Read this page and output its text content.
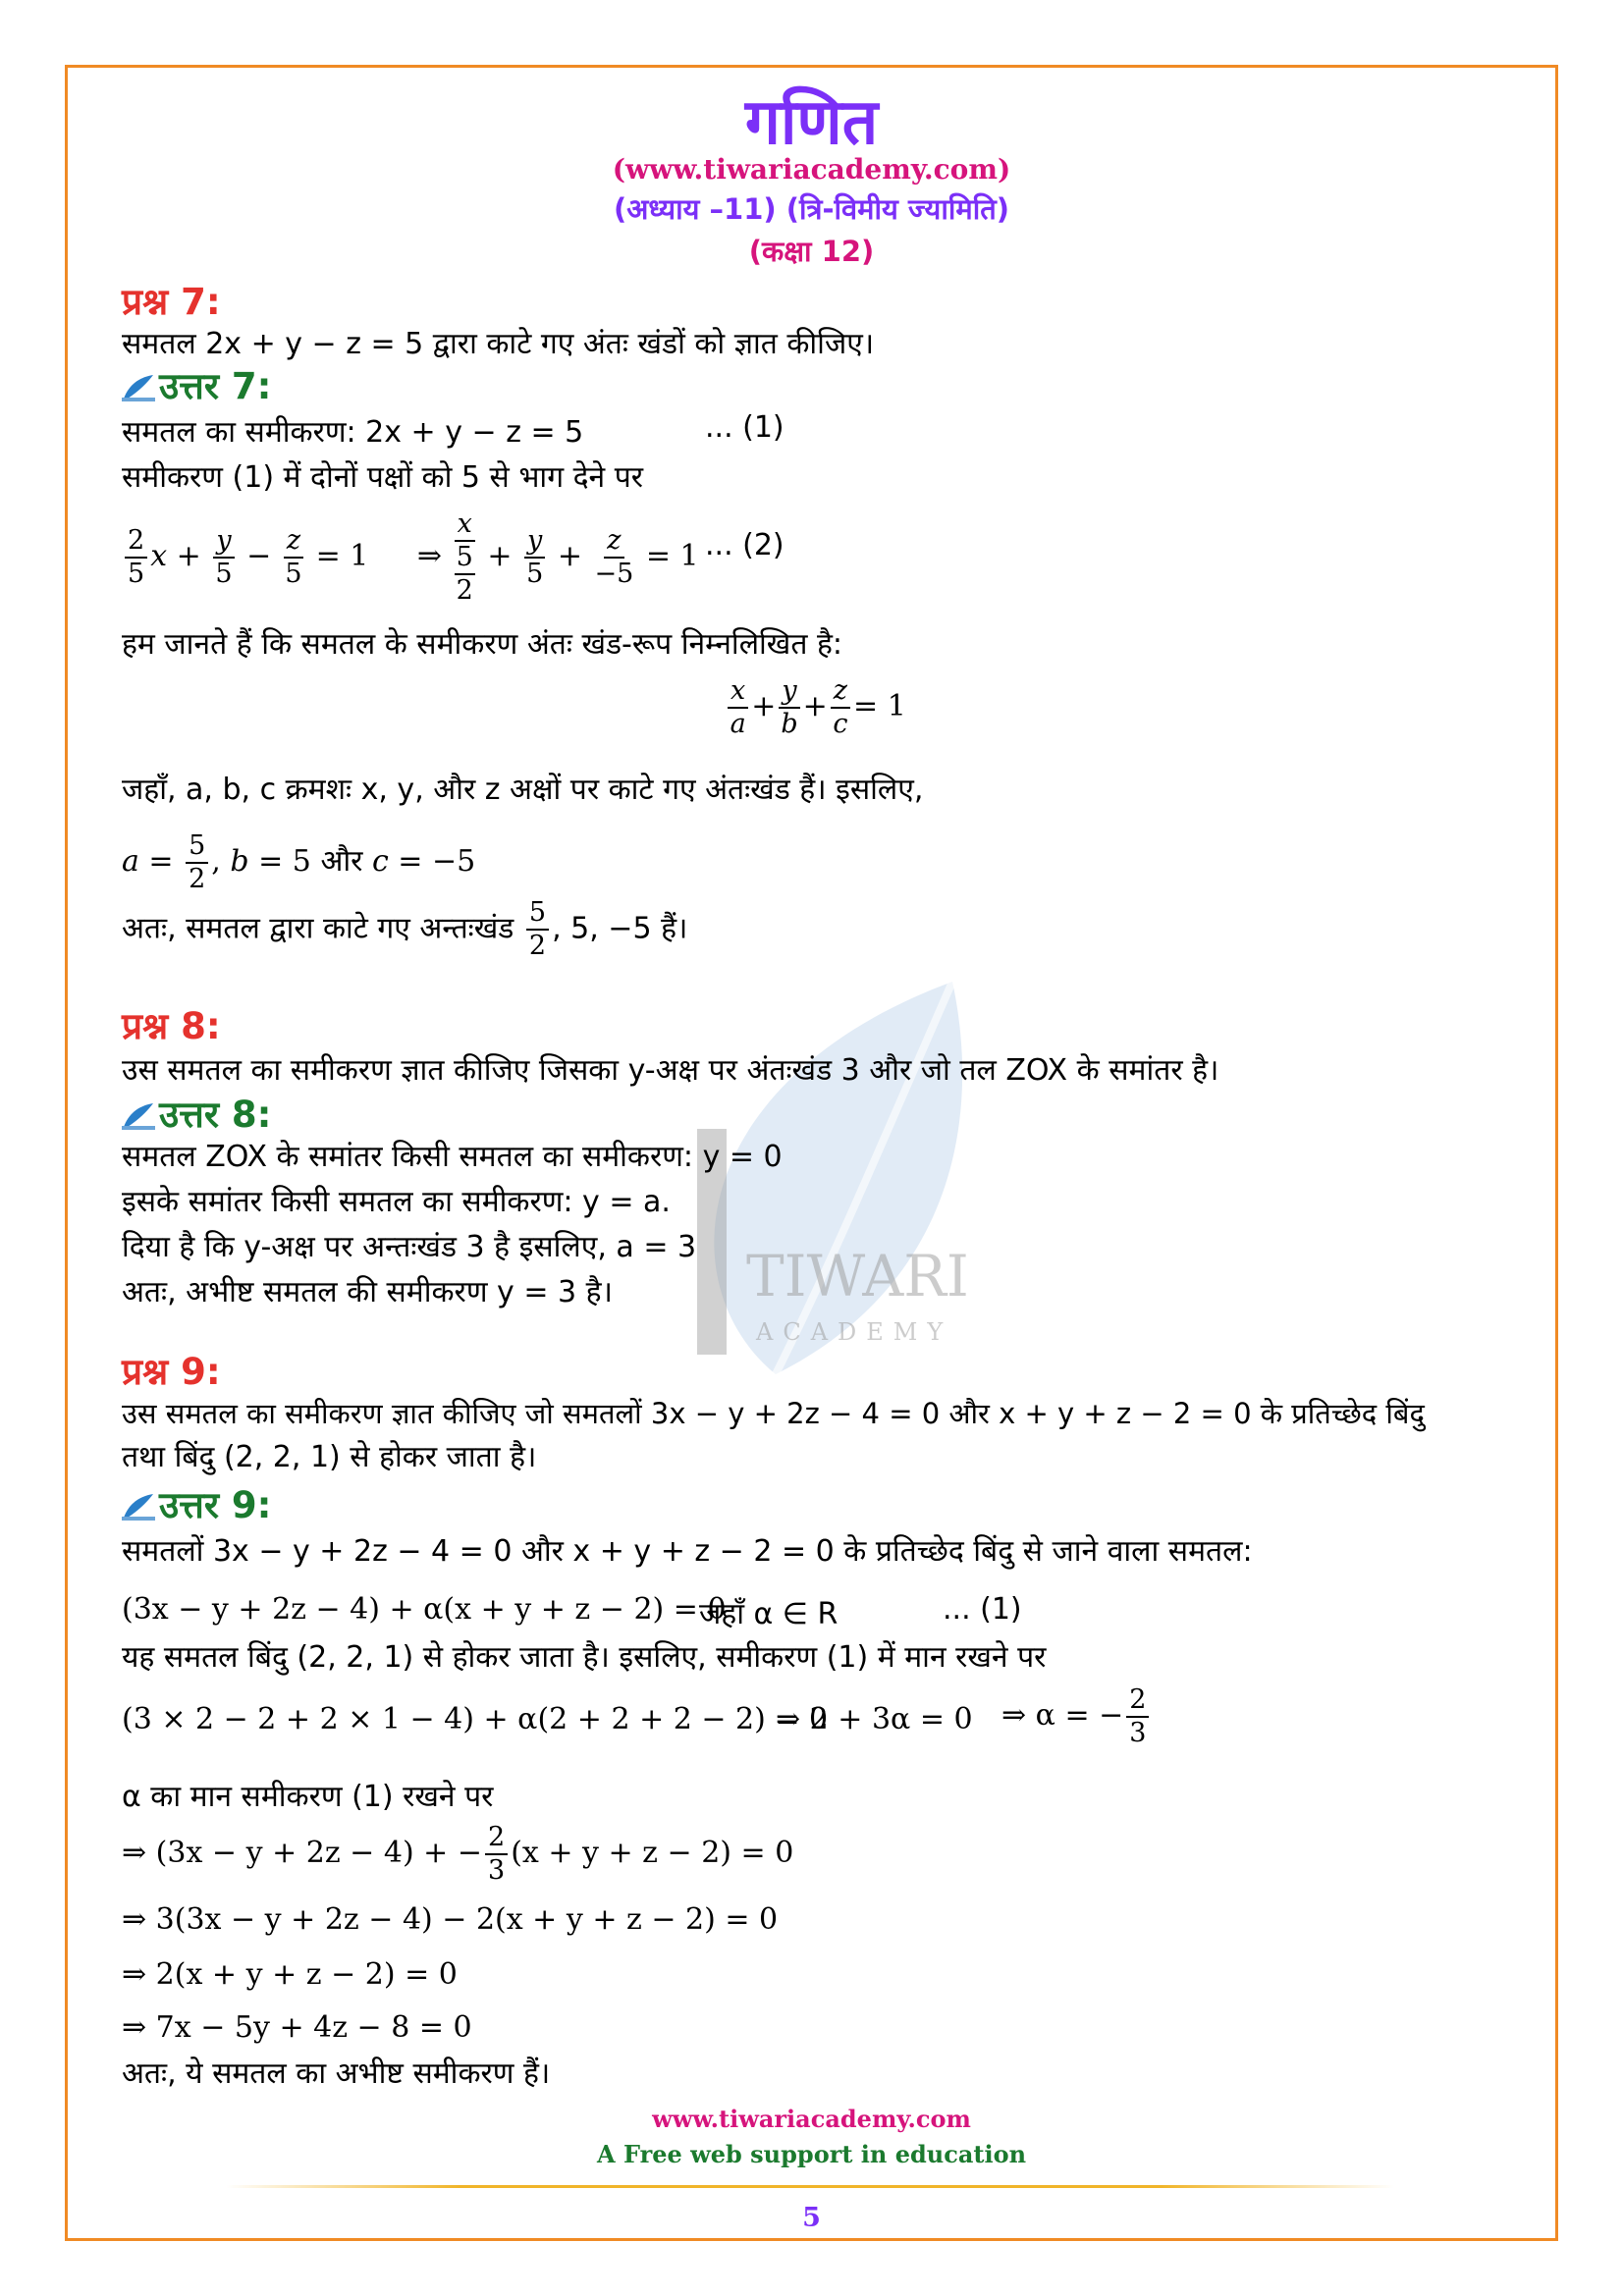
TIWARI
ACADEMY
गणित
(www.tiwariacademy.com)
(अध्याय –11) (त्रि-विमीय ज्यामिति)
(कक्षा 12)
प्रश्न 7:
समतल 2x + y − z = 5 द्वारा काटे गए अंतः खंडों को ज्ञात कीजिए।
उत्तर 7:
समतल का समीकरण: 2x + y − z = 5	... (1)
समीकरण (1) में दोनों पक्षों को 5 से भाग देने पर
$\frac{2}{5}$ $x + \frac{y}{5} - \frac{z}{5} = 1$ ⇒ x
5
$2 + \frac{y}{5} + \frac{z}{-5} = 1$ ... (2)
हम जानते हैं कि समतल के समीकरण अंतः खंड-रूप निम्नलिखित है:
$\frac{x}{a} + \frac{y}{b} + \frac{z}{c} = 1$
जहाँ, a, b, c क्रमशः x, y, और z अक्षों पर काटे गए अंतःखंड हैं। इसलिए,
$a = \frac{5}{2}$ , b = 5 और c = −5
अतः, समतल द्वारा काटे गए अन्तःखंड $\frac{5}{2}$ , 5, −5 हैं।
प्रश्न 8:
उस समतल का समीकरण ज्ञात कीजिए जिसका y-अक्ष पर अंतःखंड 3 और जो तल ZOX के समांतर है।
उत्तर 8:
समतल ZOX के समांतर किसी समतल का समीकरण: y = 0
इसके समांतर किसी समतल का समीकरण: y = a.
दिया है कि y-अक्ष पर अन्तःखंड 3 है इसलिए, a = 3
अतः, अभीष्ट समतल की समीकरण y = 3 है।
प्रश्न 9:
उस समतल का समीकरण ज्ञात कीजिए जो समतलों 3x − y + 2z − 4 = 0 और x + y + z − 2 = 0 के प्रतिच्छेद बिंदु
तथा बिंदु (2, 2, 1) से होकर जाता है।
उत्तर 9:
समतलों 3x − y + 2z − 4 = 0 और x + y + z − 2 = 0 के प्रतिच्छेद बिंदु से जाने वाला समतल:
(3x − y + 2z − 4) + α(x + y + z − 2) = 0
जहाँ α ∈ R	... (1)
यह समतल बिंदु (2, 2, 1) से होकर जाता है। इसलिए, समीकरण (1) में मान रखने पर
(3 × 2 − 2 + 2 × 1 − 4) + α(2 + 2 + 2 − 2) = 0
⇒ 2 + 3α = 0 ⇒ α = − $\frac{2}{3}$
α का मान समीकरण (1) रखने पर
⇒ (3x − y + 2z − 4) + − $\frac{2}{3} (x + y + z - 2) = 0$
⇒ 3(3x − y + 2z − 4) − 2(x + y + z − 2) = 0
⇒ 2(x + y + z − 2) = 0
⇒ 7x − 5y + 4z − 8 = 0
अतः, ये समतल का अभीष्ट समीकरण हैं।
www.tiwariacademy.com
A Free web support in education
5
